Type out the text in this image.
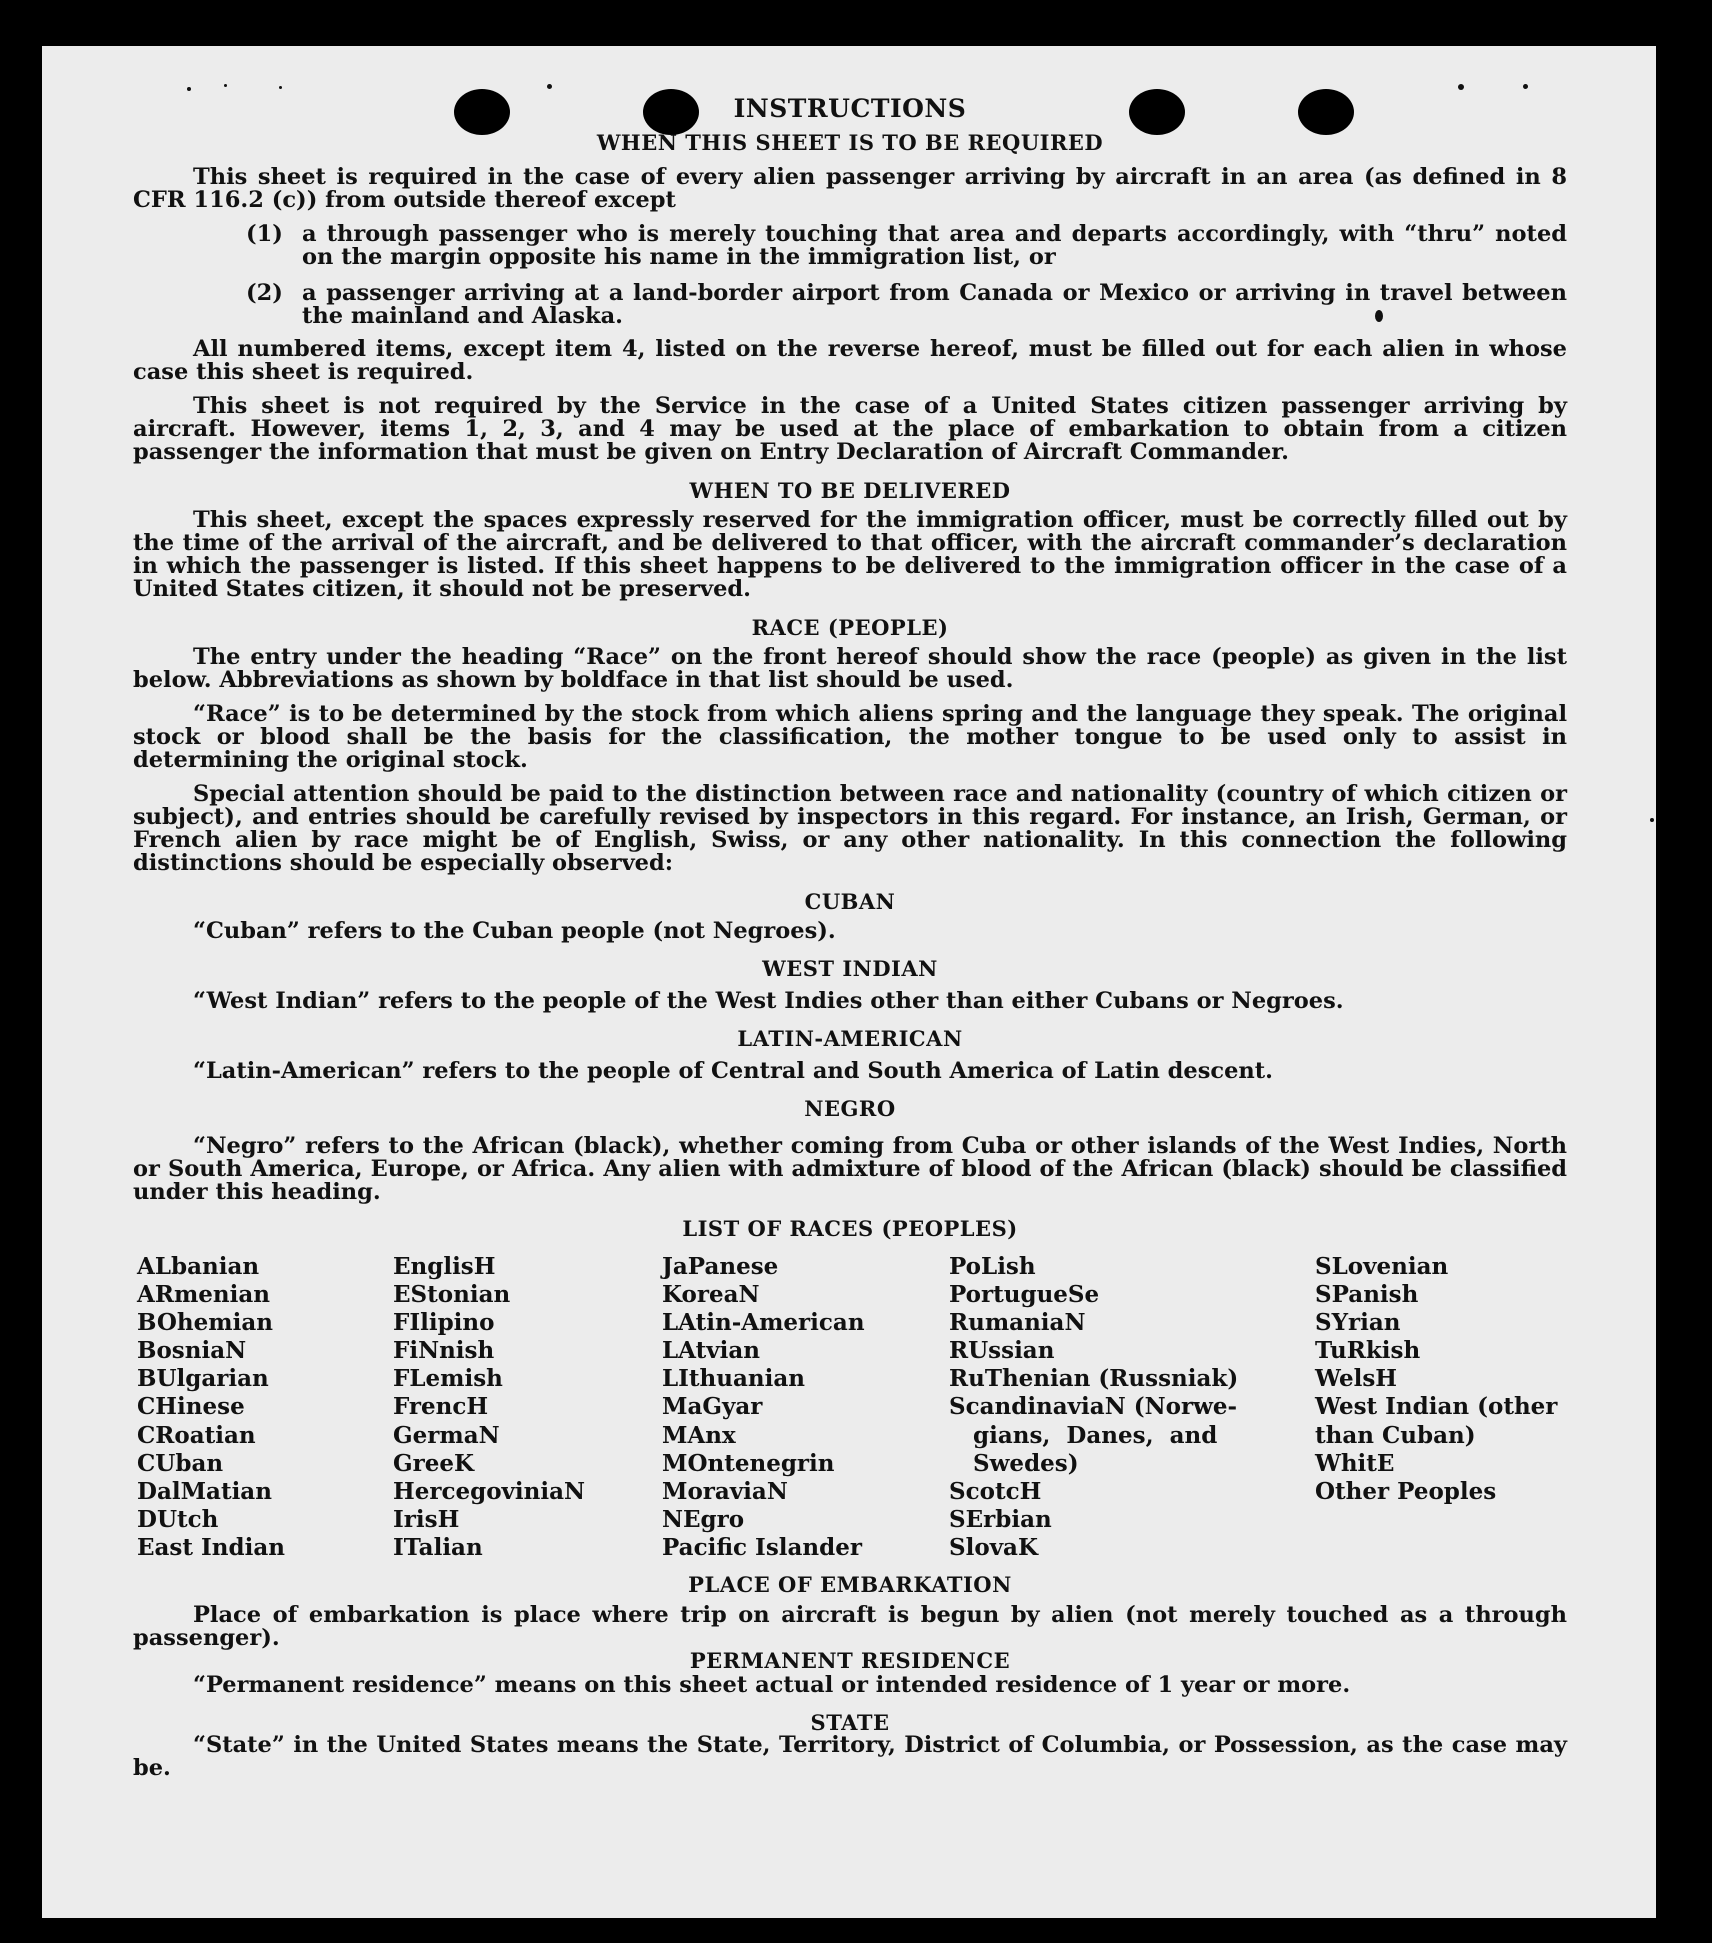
INSTRUCTIONS
WHEN THIS SHEET IS TO BE REQUIRED
This sheet is required in the case of every alien passenger arriving by aircraft in an area (as defined in 8 CFR 116.2 (c)) from outside thereof except
(1) a through passenger who is merely touching that area and departs accordingly, with “thru” noted on the margin opposite his name in the immigration list, or
(2) a passenger arriving at a land-border airport from Canada or Mexico or arriving in travel between the mainland and Alaska.
All numbered items, except item 4, listed on the reverse hereof, must be filled out for each alien in whose case this sheet is required.
This sheet is not required by the Service in the case of a United States citizen passenger arriving by aircraft. However, items 1, 2, 3, and 4 may be used at the place of embarkation to obtain from a citizen passenger the information that must be given on Entry Declaration of Aircraft Commander.
WHEN TO BE DELIVERED
This sheet, except the spaces expressly reserved for the immigration officer, must be correctly filled out by the time of the arrival of the aircraft, and be delivered to that officer, with the aircraft commander’s declaration in which the passenger is listed. If this sheet happens to be delivered to the immigration officer in the case of a United States citizen, it should not be preserved.
RACE (PEOPLE)
The entry under the heading “Race” on the front hereof should show the race (people) as given in the list below. Abbreviations as shown by boldface in that list should be used.
“Race” is to be determined by the stock from which aliens spring and the language they speak. The original stock or blood shall be the basis for the classification, the mother tongue to be used only to assist in determining the original stock.
Special attention should be paid to the distinction between race and nationality (country of which citizen or subject), and entries should be carefully revised by inspectors in this regard. For instance, an Irish, German, or French alien by race might be of English, Swiss, or any other nationality. In this connection the following distinctions should be especially observed:
CUBAN
“Cuban” refers to the Cuban people (not Negroes).
WEST INDIAN
“West Indian” refers to the people of the West Indies other than either Cubans or Negroes.
LATIN-AMERICAN
“Latin-American” refers to the people of Central and South America of Latin descent.
NEGRO
“Negro” refers to the African (black), whether coming from Cuba or other islands of the West Indies, North or South America, Europe, or Africa. Any alien with admixture of blood of the African (black) should be classified under this heading.
LIST OF RACES (PEOPLES)
ALbanian
ARmenian
BOhemian
BosniaN
BUlgarian
CHinese
CRoatian
CUban
DalMatian
DUtch
East Indian
EnglisH
EStonian
FIlipino
FiNnish
FLemish
FrencH
GermaN
GreeK
HercegoviniaN
IrisH
ITalian
JaPanese
KoreaN
LAtin-American
LAtvian
LIthuanian
MaGyar
MAnx
MOntenegrin
MoraviaN
NEgro
Pacific Islander
PoLish
PortugueSe
RumaniaN
RUssian
RuThenian (Russniak)
ScandinaviaN (Norwe-
gians,  Danes,  and
Swedes)
ScotcH
SErbian
SlovaK
SLovenian
SPanish
SYrian
TuRkish
WelsH
West Indian (other
than Cuban)
WhitE
Other Peoples
PLACE OF EMBARKATION
Place of embarkation is place where trip on aircraft is begun by alien (not merely touched as a through passenger).
PERMANENT RESIDENCE
“Permanent residence” means on this sheet actual or intended residence of 1 year or more.
STATE
“State” in the United States means the State, Territory, District of Columbia, or Possession, as the case may be.
